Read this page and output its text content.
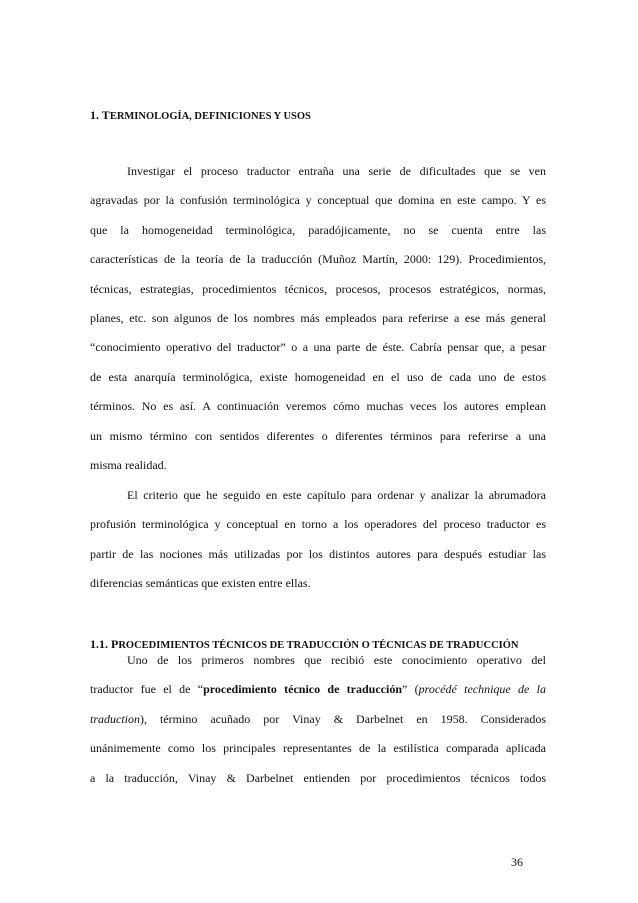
1. TERMINOLOGÍA, DEFINICIONES Y USOS
Investigar el proceso traductor entraña una serie de dificultades que se ven
agravadas por la confusión terminológica y conceptual que domina en este campo. Y es
que la homogeneidad terminológica, paradójicamente, no se cuenta entre las
características de la teoría de la traducción (Muñoz Martín, 2000: 129). Procedimientos,
técnicas, estrategias, procedimientos técnicos, procesos, procesos estratégicos, normas,
planes, etc. son algunos de los nombres más empleados para referirse a ese más general
“conocimiento operativo del traductor” o a una parte de éste. Cabría pensar que, a pesar
de esta anarquía terminológica, existe homogeneidad en el uso de cada uno de estos
términos. No es así. A continuación veremos cómo muchas veces los autores emplean
un mismo término con sentidos diferentes o diferentes términos para referirse a una
misma realidad.
El criterio que he seguido en este capítulo para ordenar y analizar la abrumadora
profusión terminológica y conceptual en torno a los operadores del proceso traductor es
partir de las nociones más utilizadas por los distintos autores para después estudiar las
diferencias semánticas que existen entre ellas.
1.1. PROCEDIMIENTOS TÉCNICOS DE TRADUCCIÓN O TÉCNICAS DE TRADUCCIÓN
Uno de los primeros nombres que recibió este conocimiento operativo del
traductor fue el de “procedimiento técnico de traducción” (procédé technique de la
traduction), término acuñado por Vinay & Darbelnet en 1958. Considerados
unánimemente como los principales representantes de la estilística comparada aplicada
a la traducción, Vinay & Darbelnet entienden por procedimientos técnicos todos
36
